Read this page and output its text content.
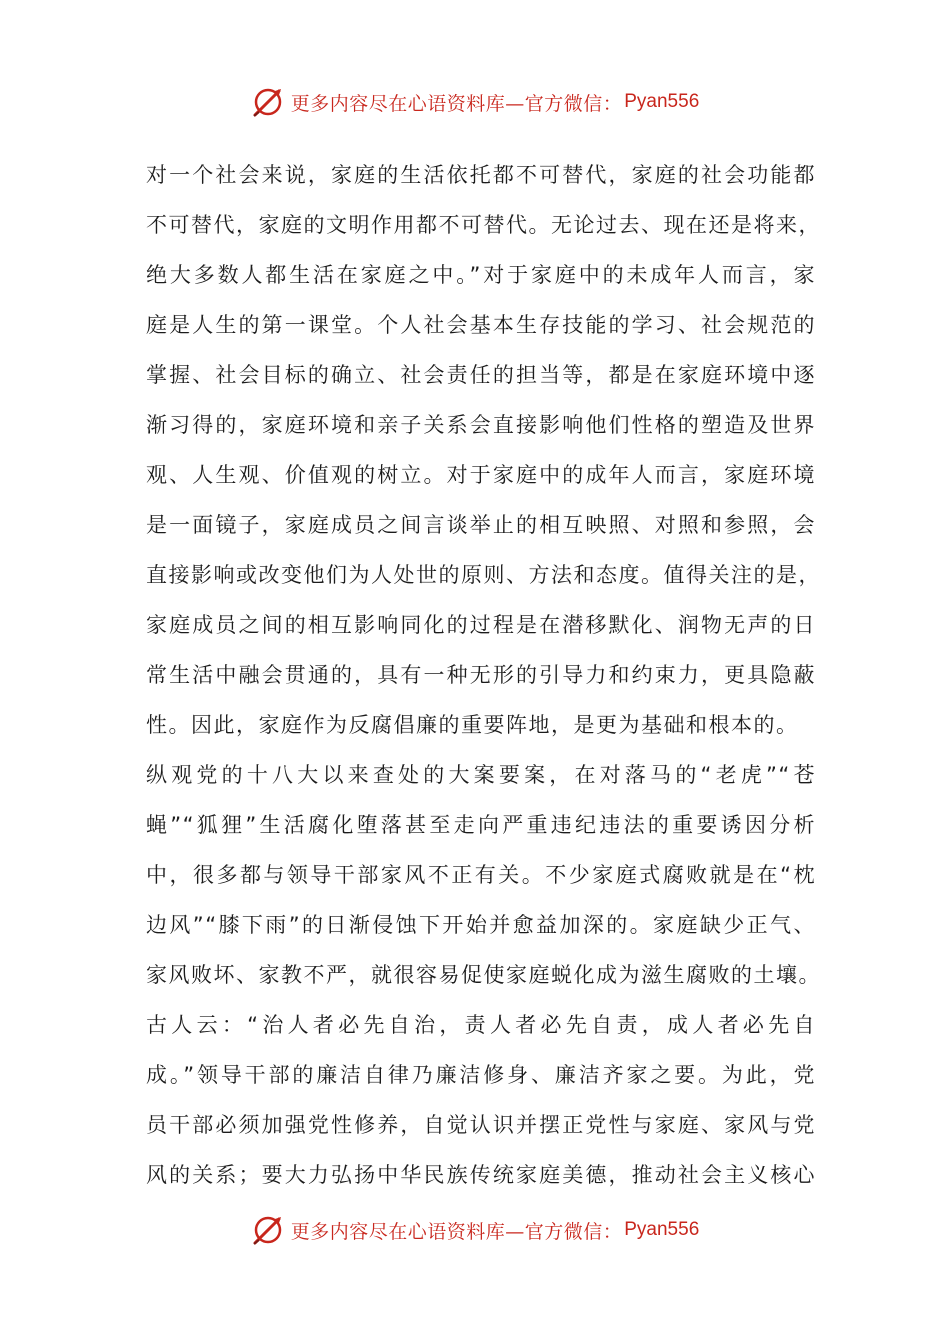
更多内容尽在心语资料库—官方微信： Pyan556
对一个社会来说，家庭的生活依托都不可替代，家庭的社会功能都
不可替代，家庭的文明作用都不可替代。无论过去、现在还是将来，
绝大多数人都生活在家庭之中。”对于家庭中的未成年人而言，家
庭是人生的第一课堂。个人社会基本生存技能的学习、社会规范的
掌握、社会目标的确立、社会责任的担当等，都是在家庭环境中逐
渐习得的，家庭环境和亲子关系会直接影响他们性格的塑造及世界
观、人生观、价值观的树立。对于家庭中的成年人而言，家庭环境
是一面镜子，家庭成员之间言谈举止的相互映照、对照和参照，会
直接影响或改变他们为人处世的原则、方法和态度。值得关注的是，
家庭成员之间的相互影响同化的过程是在潜移默化、润物无声的日
常生活中融会贯通的，具有一种无形的引导力和约束力，更具隐蔽
性。因此，家庭作为反腐倡廉的重要阵地，是更为基础和根本的。
纵观党的十八大以来查处的大案要案，在对落马的“老虎”“苍
蝇”“狐狸”生活腐化堕落甚至走向严重违纪违法的重要诱因分析
中，很多都与领导干部家风不正有关。不少家庭式腐败就是在“枕
边风”“膝下雨”的日渐侵蚀下开始并愈益加深的。家庭缺少正气、
家风败坏、家教不严，就很容易促使家庭蜕化成为滋生腐败的土壤。
古人云：“治人者必先自治，责人者必先自责，成人者必先自
成。”领导干部的廉洁自律乃廉洁修身、廉洁齐家之要。为此，党
员干部必须加强党性修养，自觉认识并摆正党性与家庭、家风与党
风的关系；要大力弘扬中华民族传统家庭美德，推动社会主义核心
更多内容尽在心语资料库—官方微信： Pyan556
